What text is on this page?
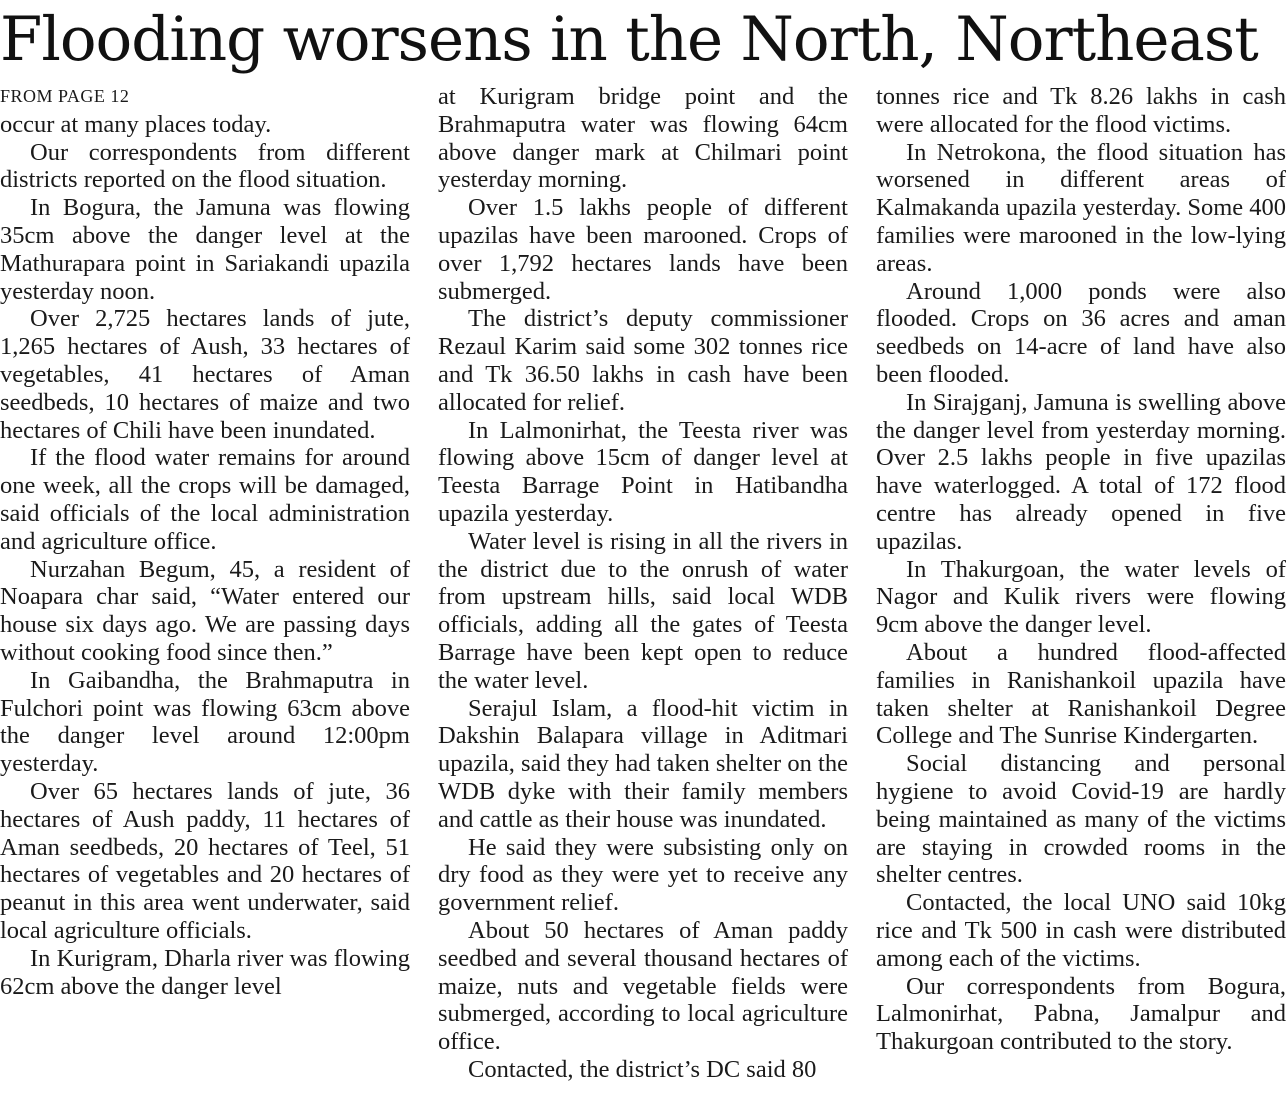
Flooding worsens in the North, Northeast
FROM PAGE 12

occur at many places today.

Our correspondents from different districts reported on the flood situation.

In Bogura, the Jamuna was flowing 35cm above the danger level at the Mathurapara point in Sariakandi upazila yesterday noon.

Over 2,725 hectares lands of jute, 1,265 hectares of Aush, 33 hectares of vegetables, 41 hectares of Aman seedbeds, 10 hectares of maize and two hectares of Chili have been inundated.

If the flood water remains for around one week, all the crops will be damaged, said officials of the local administration and agriculture office.

Nurzahan Begum, 45, a resident of Noapara char said, “Water entered our house six days ago. We are passing days without cooking food since then.”

In Gaibandha, the Brahmaputra in Fulchori point was flowing 63cm above the danger level around 12:00pm yesterday.

Over 65 hectares lands of jute, 36 hectares of Aush paddy, 11 hectares of Aman seedbeds, 20 hectares of Teel, 51 hectares of vegetables and 20 hectares of peanut in this area went underwater, said local agriculture officials.

In Kurigram, Dharla river was flowing 62cm above the danger level

at Kurigram bridge point and the Brahmaputra water was flowing 64cm above danger mark at Chilmari point yesterday morning.

Over 1.5 lakhs people of different upazilas have been marooned. Crops of over 1,792 hectares lands have been submerged.

The district’s deputy commissioner Rezaul Karim said some 302 tonnes rice and Tk 36.50 lakhs in cash have been allocated for relief.

In Lalmonirhat, the Teesta river was flowing above 15cm of danger level at Teesta Barrage Point in Hatibandha upazila yesterday.

Water level is rising in all the rivers in the district due to the onrush of water from upstream hills, said local WDB officials, adding all the gates of Teesta Barrage have been kept open to reduce the water level.

Serajul Islam, a flood-hit victim in Dakshin Balapara village in Aditmari upazila, said they had taken shelter on the WDB dyke with their family members and cattle as their house was inundated.

He said they were subsisting only on dry food as they were yet to receive any government relief.

About 50 hectares of Aman paddy seedbed and several thousand hectares of maize, nuts and vegetable fields were submerged, according to local agriculture office.

Contacted, the district’s DC said 80

tonnes rice and Tk 8.26 lakhs in cash were allocated for the flood victims.

In Netrokona, the flood situation has worsened in different areas of Kalmakanda upazila yesterday. Some 400 families were marooned in the low-lying areas.

Around 1,000 ponds were also flooded. Crops on 36 acres and aman seedbeds on 14-acre of land have also been flooded.

In Sirajganj, Jamuna is swelling above the danger level from yesterday morning. Over 2.5 lakhs people in five upazilas have waterlogged. A total of 172 flood centre has already opened in five upazilas.

In Thakurgoan, the water levels of Nagor and Kulik rivers were flowing 9cm above the danger level.

About a hundred flood-affected families in Ranishankoil upazila have taken shelter at Ranishankoil Degree College and The Sunrise Kindergarten.

Social distancing and personal hygiene to avoid Covid-19 are hardly being maintained as many of the victims are staying in crowded rooms in the shelter centres.

Contacted, the local UNO said 10kg rice and Tk 500 in cash were distributed among each of the victims.

Our correspondents from Bogura, Lalmonirhat, Pabna, Jamalpur and Thakurgoan contributed to the story.
